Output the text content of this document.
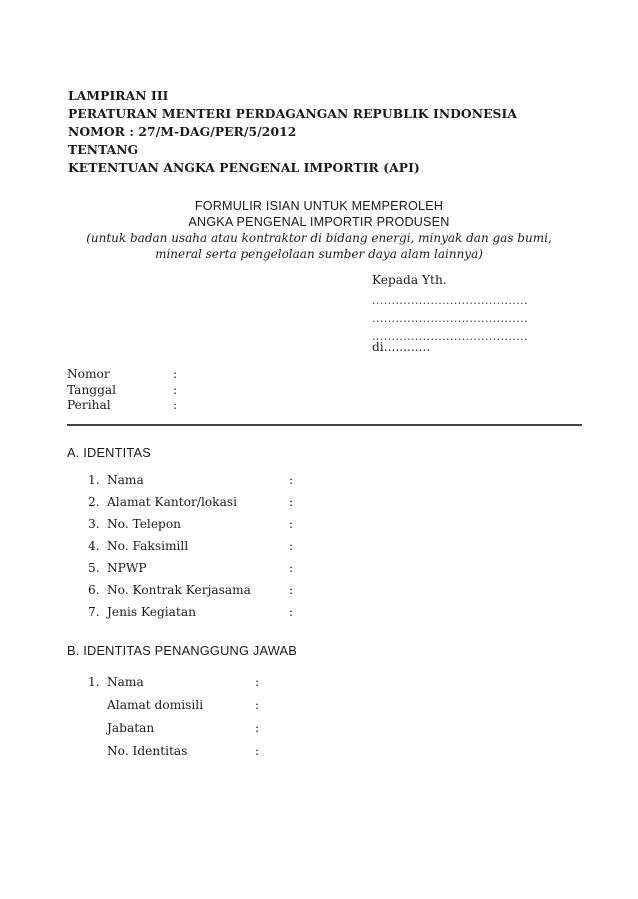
LAMPIRAN III
PERATURAN MENTERI PERDAGANGAN REPUBLIK INDONESIA
NOMOR : 27/M-DAG/PER/5/2012
TENTANG
KETENTUAN ANGKA PENGENAL IMPORTIR (API)
FORMULIR ISIAN UNTUK MEMPEROLEH
ANGKA PENGENAL IMPORTIR PRODUSEN
(untuk badan usaha atau kontraktor di bidang energi, minyak dan gas bumi,
mineral serta pengelolaan sumber daya alam lainnya)
Kepada Yth.
........................................
........................................
........................................
di............
Nomor	:
Tanggal	:
Perihal	:
A. IDENTITAS
1. Nama	:
2. Alamat Kantor/lokasi	:
3. No. Telepon	:
4. No. Faksimill	:
5. NPWP	:
6. No. Kontrak Kerjasama	:
7. Jenis Kegiatan	:
B. IDENTITAS PENANGGUNG JAWAB
1. Nama	:
Alamat domisili	:
Jabatan	:
No. Identitas	:
